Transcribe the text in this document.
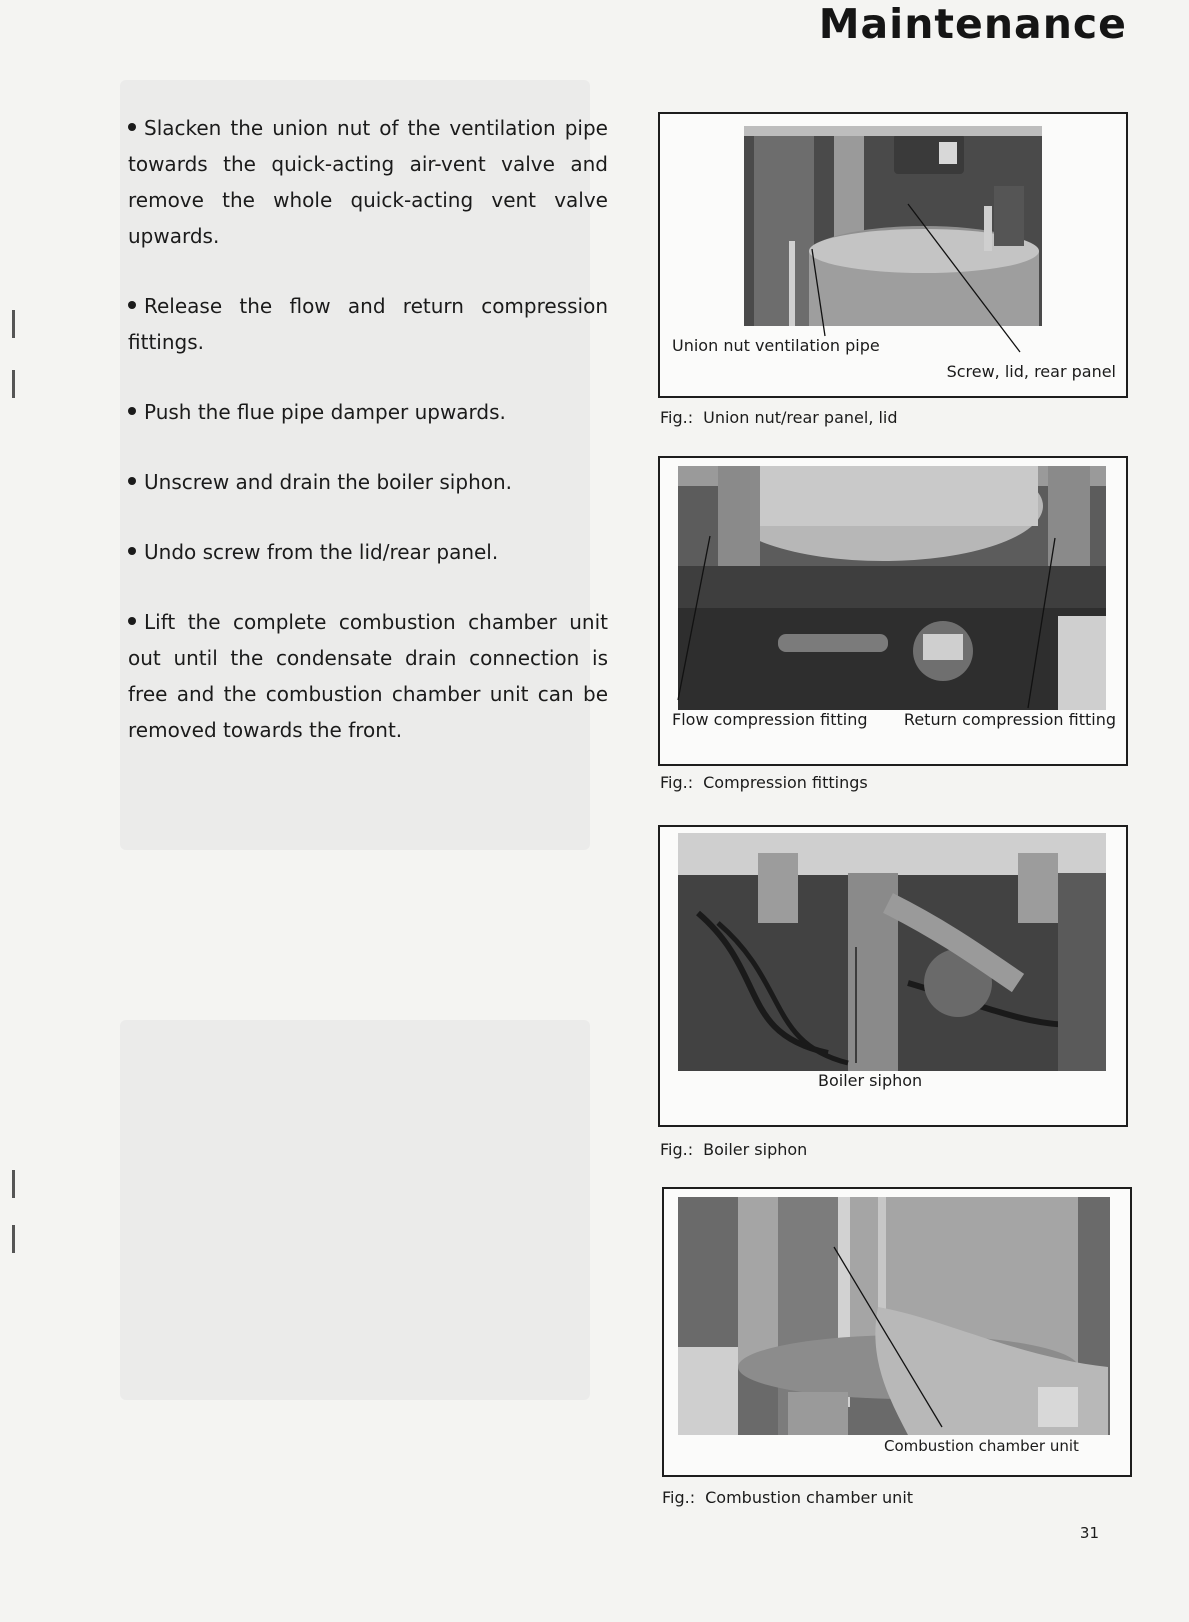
Maintenance
Slacken the union nut of the ventilation pipe towards the quick-acting air-vent valve and remove the whole quick-acting vent valve upwards.
Release the flow and return compression fittings.
Push the flue pipe damper upwards.
Unscrew and drain the boiler siphon.
Undo screw from the lid/rear panel.
Lift the complete combustion chamber unit out until the condensate drain connection is free and the combustion chamber unit can be removed towards the front.
Union nut ventilation pipe
Screw, lid, rear panel
Fig.: Union nut/rear panel, lid
Flow compression fitting Return compression fitting
Fig.: Compression fittings
Boiler siphon
Fig.: Boiler siphon
Combustion chamber unit
Fig.: Combustion chamber unit
31
